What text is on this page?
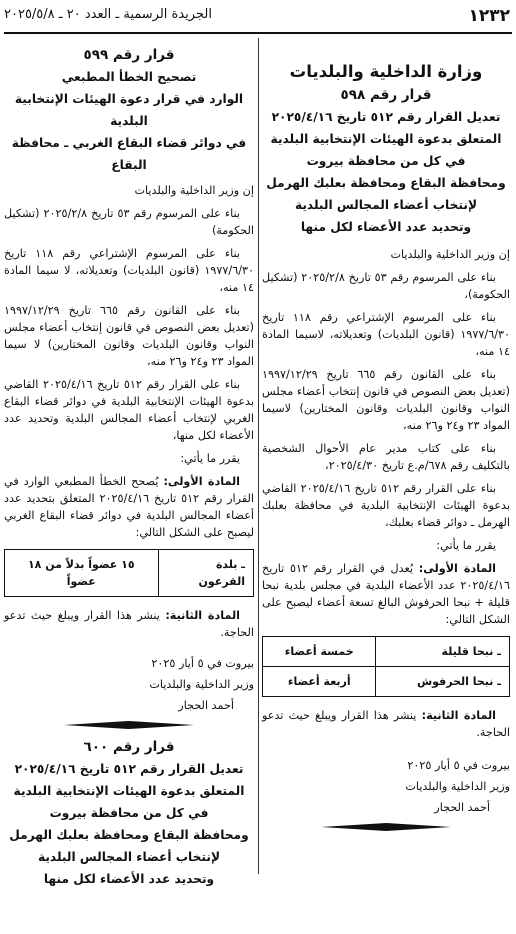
١٢٣٢
الجريدة الرسمية ـ العدد ٢٠ ـ ٢٠٢٥/٥/٨
وزارة الداخلية والبلديات
قرار رقم ٥٩٨
تعديل القرار رقم ٥١٢ تاريخ ٢٠٢٥/٤/١٦
المتعلق بدعوة الهيئات الإنتخابية البلدية
في كل من محافظة بيروت
ومحافظة البقاع ومحافظة بعلبك الهرمل
لإنتخاب أعضاء المجالس البلدية
وتحديد عدد الأعضاء لكل منها

إن وزير الداخلية والبلديات

بناء على المرسوم رقم ٥٣ تاريخ ٢٠٢٥/٢/٨ (تشكيل الحكومة)،

بناء على المرسوم الإشتراعي رقم ١١٨ تاريخ ١٩٧٧/٦/٣٠ (قانون البلديات) وتعديلاته، لاسيما المادة ١٤ منه،

بناء على القانون رقم ٦٦٥ تاريخ ١٩٩٧/١٢/٢٩ (تعديل بعض النصوص في قانون إنتخاب أعضاء مجلس النواب وقانون البلديات وقانون المختارين) لاسيما المواد ٢٣ و٢٤ و٢٦ منه،

بناء على كتاب مدير عام الأحوال الشخصية بالتكليف رقم ٦٧٨/م.ع تاريخ ٢٠٢٥/٤/٣٠،

بناء على القرار رقم ٥١٢ تاريخ ٢٠٢٥/٤/١٦ القاضي بدعوة الهيئات الإنتخابية البلدية في محافظة بعلبك الهرمل ـ دوائر قضاء بعلبك،

يقرر ما يأتي:

المادة الأولى: يُعدل في القرار رقم ٥١٢ تاريخ ٢٠٢٥/٤/١٦ عدد الأعضاء البلدية في مجلس بلدية نبحا قليلة + نبحا الحرفوش البالغ تسعة أعضاء ليصبح على الشكل التالي:

ـ نبحا قليلة	خمسة أعضاء
ـ نبحا الحرفوش	أربعة أعضاء

المادة الثانية: ينشر هذا القرار ويبلغ حيث تدعو الحاجة.

بيروت في ٥ أيار ٢٠٢٥
وزير الداخلية والبلديات
أحمد الحجار
قرار رقم ٥٩٩
تصحيح الخطأ المطبعي
الوارد في قرار دعوة الهيئات الإنتخابية البلدية
في دوائر قضاء البقاع الغربي ـ محافظة البقاع

إن وزير الداخلية والبلديات

بناء على المرسوم رقم ٥٣ تاريخ ٢٠٢٥/٢/٨ (تشكيل الحكومة)

بناء على المرسوم الإشتراعي رقم ١١٨ تاريخ ١٩٧٧/٦/٣٠ (قانون البلديات) وتعديلاته، لا سيما المادة ١٤ منه،

بناء على القانون رقم ٦٦٥ تاريخ ١٩٩٧/١٢/٢٩ (تعديل بعض النصوص في قانون إنتخاب أعضاء مجلس النواب وقانون البلديات وقانون المختارين) لا سيما المواد ٢٣ و٢٤ و٢٦ منه،

بناء على القرار رقم ٥١٢ تاريخ ٢٠٢٥/٤/١٦ القاضي بدعوة الهيئات الإنتخابية البلدية في دوائر قضاء البقاع الغربي لإنتخاب أعضاء المجالس البلدية وتحديد عدد الأعضاء لكل منها،

يقرر ما يأتي:

المادة الأولى: يُصحح الخطأ المطبعي الوارد في القرار رقم ٥١٢ تاريخ ٢٠٢٥/٤/١٦ المتعلق بتحديد عدد أعضاء المجالس البلدية في دوائر قضاء البقاع الغربي ليصبح على الشكل التالي:

ـ بلدة القرعون	١٥ عضواً بدلاً من ١٨ عضواً

المادة الثانية: ينشر هذا القرار ويبلغ حيث تدعو الحاجة.

بيروت في ٥ أيار ٢٠٢٥
وزير الداخلية والبلديات
أحمد الحجار
قرار رقم ٦٠٠
تعديل القرار رقم ٥١٢ تاريخ ٢٠٢٥/٤/١٦
المتعلق بدعوة الهيئات الإنتخابية البلدية
في كل من محافظة بيروت
ومحافظة البقاع ومحافظة بعلبك الهرمل
لإنتخاب أعضاء المجالس البلدية
وتحديد عدد الأعضاء لكل منها
